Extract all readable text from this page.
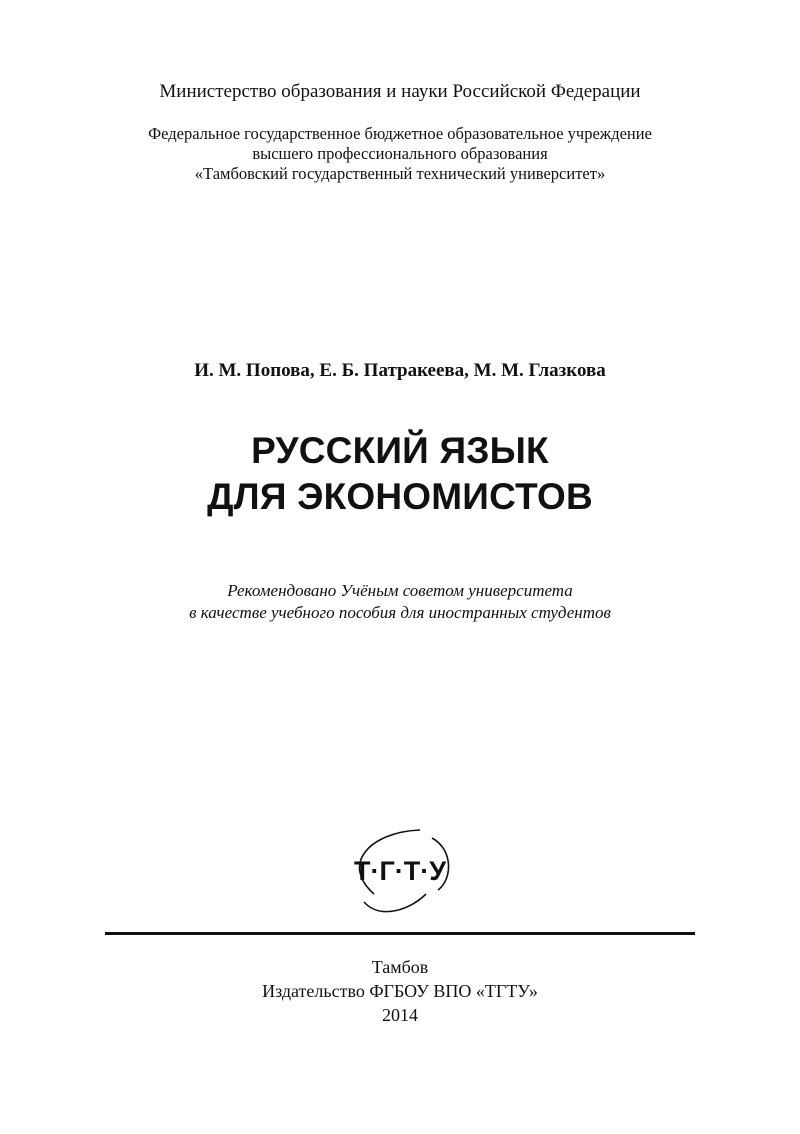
Министерство образования и науки Российской Федерации

Федеральное государственное бюджетное образовательное учреждение
высшего профессионального образования
«Тамбовский государственный технический университет»

И. М. Попова, Е. Б. Патракеева, М. М. Глазкова

РУССКИЙ ЯЗЫК
ДЛЯ ЭКОНОМИСТОВ
Рекомендовано Учёным советом университета
в качестве учебного пособия для иностранных студентов
Т·Г·Т·У
Тамбов
Издательство ФГБОУ ВПО «ТГТУ»
2014
